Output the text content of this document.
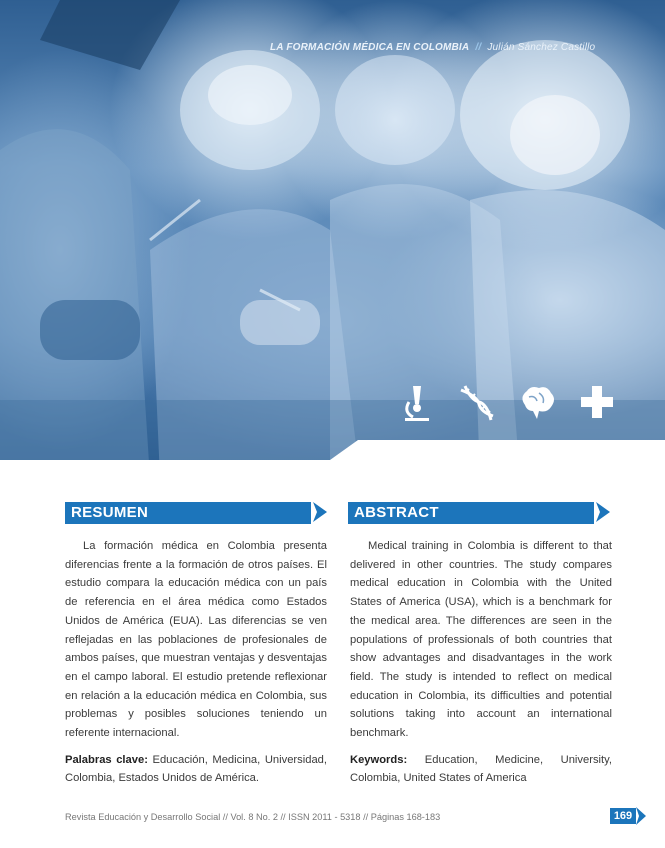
LA FORMACIÓN MÉDICA EN COLOMBIA // Julián Sánchez Castillo
RESUMEN	ABSTRACT

La formación médica en Colombia presenta diferencias frente a la formación de otros países. El estudio compara la educación médica con un país de referencia en el área médica como Estados Unidos de América (EUA). Las diferencias se ven reflejadas en las poblaciones de profesionales de ambos países, que muestran ventajas y desventajas en el campo laboral. El estudio pretende reflexionar en relación a la educación médica en Colombia, sus problemas y posibles soluciones teniendo un referente internacional.

Palabras clave: Educación, Medicina, Universidad, Colombia, Estados Unidos de América.

Medical training in Colombia is different to that delivered in other countries. The study compares medical education in Colombia with the United States of America (USA), which is a benchmark for the medical area. The differences are seen in the populations of professionals of both countries that show advantages and disadvantages in the work field. The study is intended to reflect on medical education in Colombia, its difficulties and potential solutions taking into account an international benchmark.

Keywords: Education, Medicine, University, Colombia, United States of America

Revista Educación y Desarrollo Social // Vol. 8 No. 2 // ISSN 2011 - 5318 // Páginas 168-183	169
